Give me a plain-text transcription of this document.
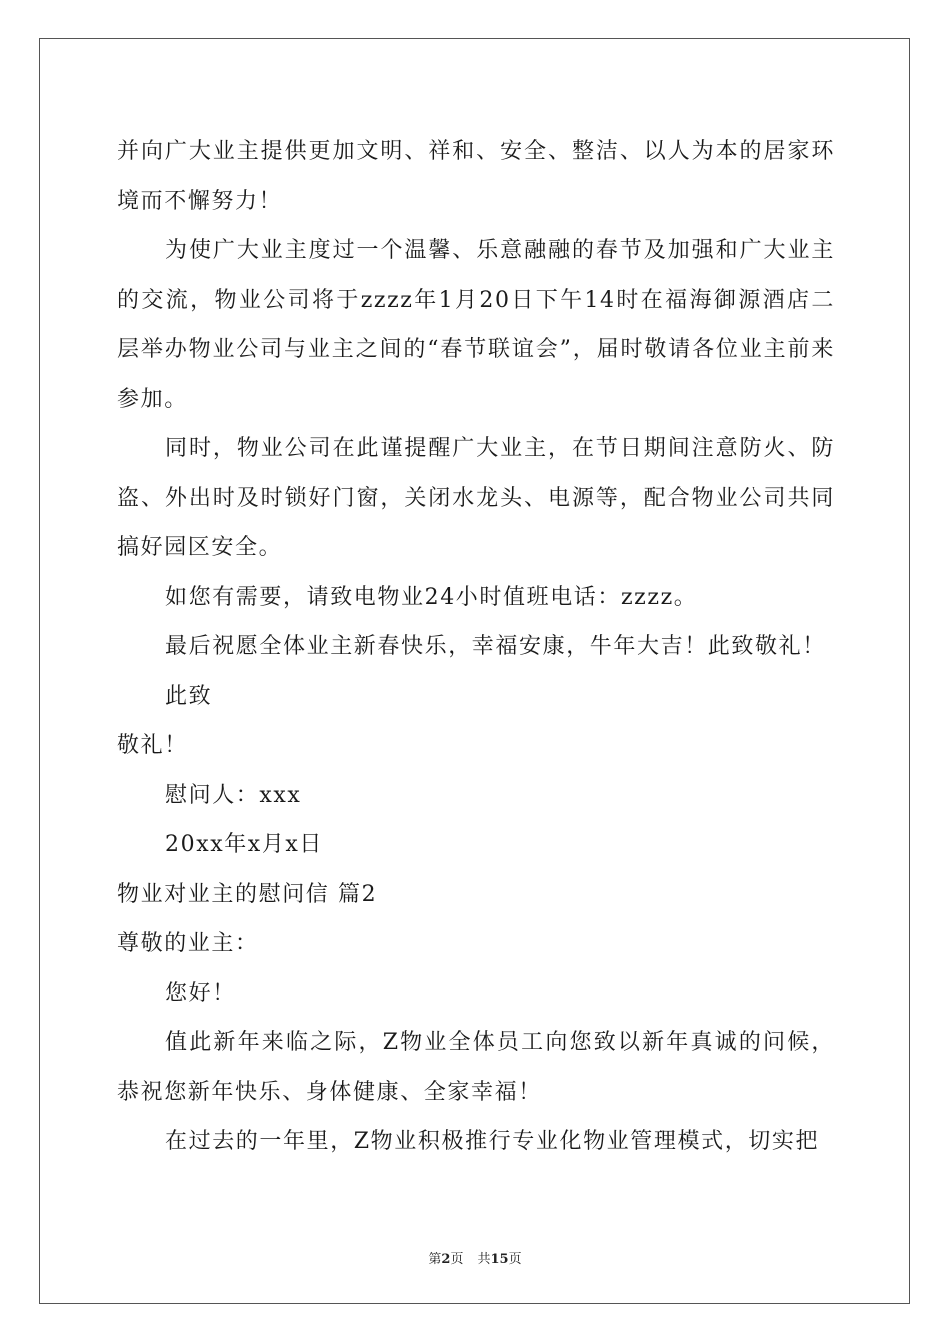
并向广大业主提供更加文明、祥和、安全、整洁、以人为本的居家环境而不懈努力！

为使广大业主度过一个温馨、乐意融融的春节及加强和广大业主的交流，物业公司将于zzzz年1月20日下午14时在福海御源酒店二层举办物业公司与业主之间的“春节联谊会”，届时敬请各位业主前来参加。

同时，物业公司在此谨提醒广大业主，在节日期间注意防火、防盗、外出时及时锁好门窗，关闭水龙头、电源等，配合物业公司共同搞好园区安全。

如您有需要，请致电物业24小时值班电话：zzzz。

最后祝愿全体业主新春快乐，幸福安康，牛年大吉！此致敬礼！

此致

敬礼！

慰问人：xxx

20xx年x月x日

物业对业主的慰问信 篇2

尊敬的业主：

您好！

值此新年来临之际，Z物业全体员工向您致以新年真诚的问候，恭祝您新年快乐、身体健康、全家幸福！

在过去的一年里，Z物业积极推行专业化物业管理模式，切实把

第2页 共15页
